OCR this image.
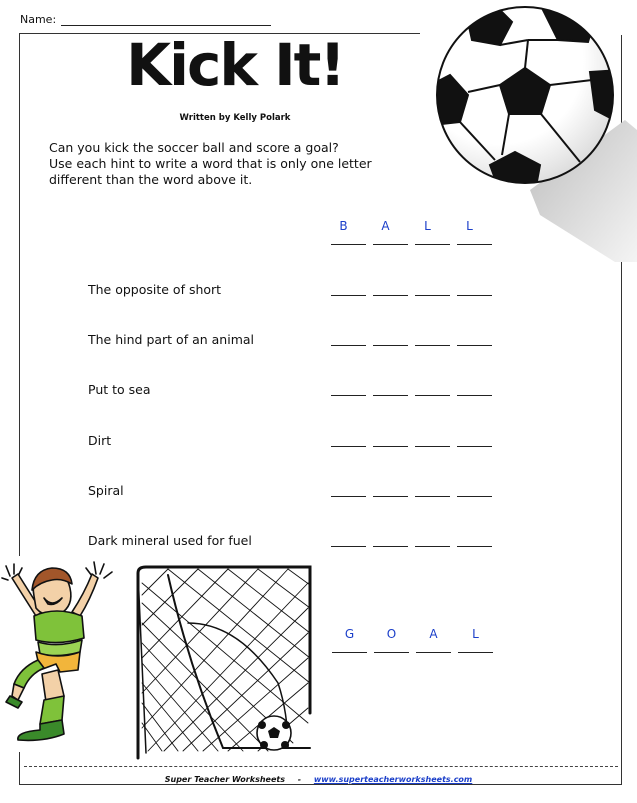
Name:
Kick It!
Written by Kelly Polark
Can you kick the soccer ball and score a goal?
Use each hint to write a word that is only one letter
different than the word above it.
B	A	L	L
The opposite of short
The hind part of an animal
Put to sea
Dirt
Spiral
Dark mineral used for fuel
G	O	A	L
Super Teacher Worksheets - www.superteacherworksheets.com
